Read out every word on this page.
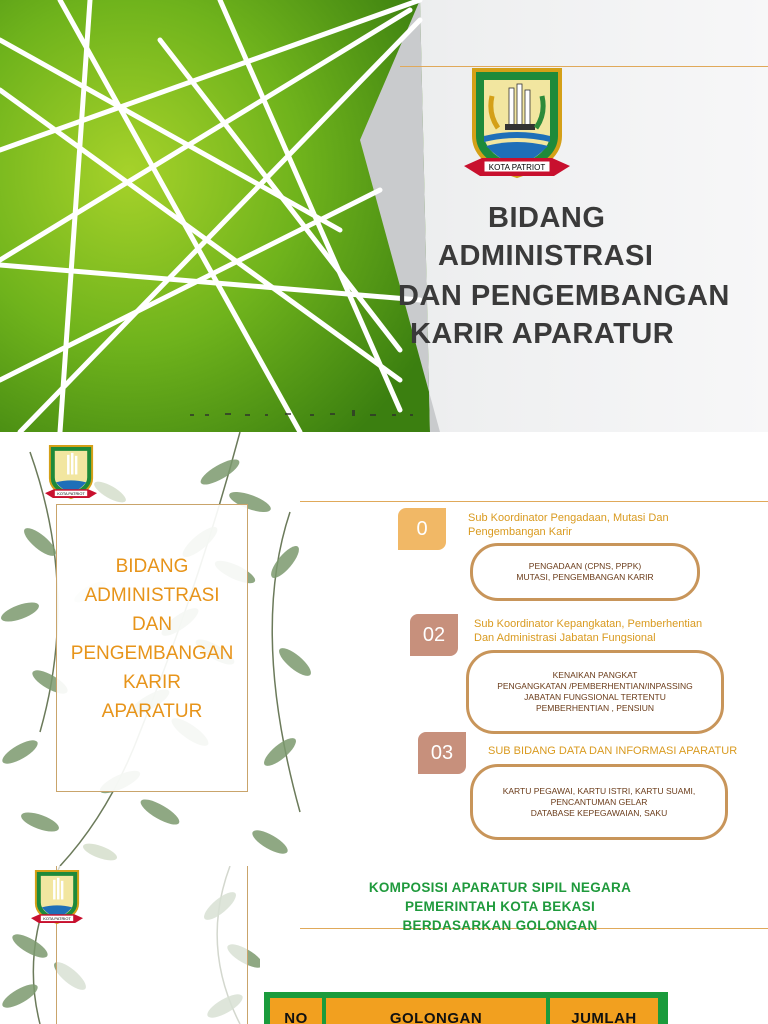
KOTA PATRIOT
BIDANG
ADMINISTRASI
DAN PENGEMBANGAN
KARIR APARATUR
BIDANG
ADMINISTRASI
DAN
PENGEMBANGAN
KARIR
APARATUR
KOTA PATRIOT
0	Sub Koordinator Pengadaan, Mutasi Dan
Pengembangan Karir
PENGADAAN (CPNS, PPPK)
MUTASI, PENGEMBANGAN KARIR
02	Sub Koordinator Kepangkatan, Pemberhentian
Dan Administrasi Jabatan Fungsional
KENAIKAN PANGKAT
PENGANGKATAN /PEMBERHENTIAN/INPASSING
JABATAN FUNGSIONAL TERTENTU
PEMBERHENTIAN , PENSIUN
03	SUB BIDANG DATA DAN INFORMASI APARATUR
KARTU PEGAWAI, KARTU ISTRI, KARTU SUAMI,
PENCANTUMAN GELAR
DATABASE KEPEGAWAIAN, SAKU
KOTA PATRIOT
KOMPOSISI APARATUR SIPIL NEGARA
PEMERINTAH KOTA BEKASI
BERDASARKAN GOLONGAN
NO	GOLONGAN	JUMLAH
